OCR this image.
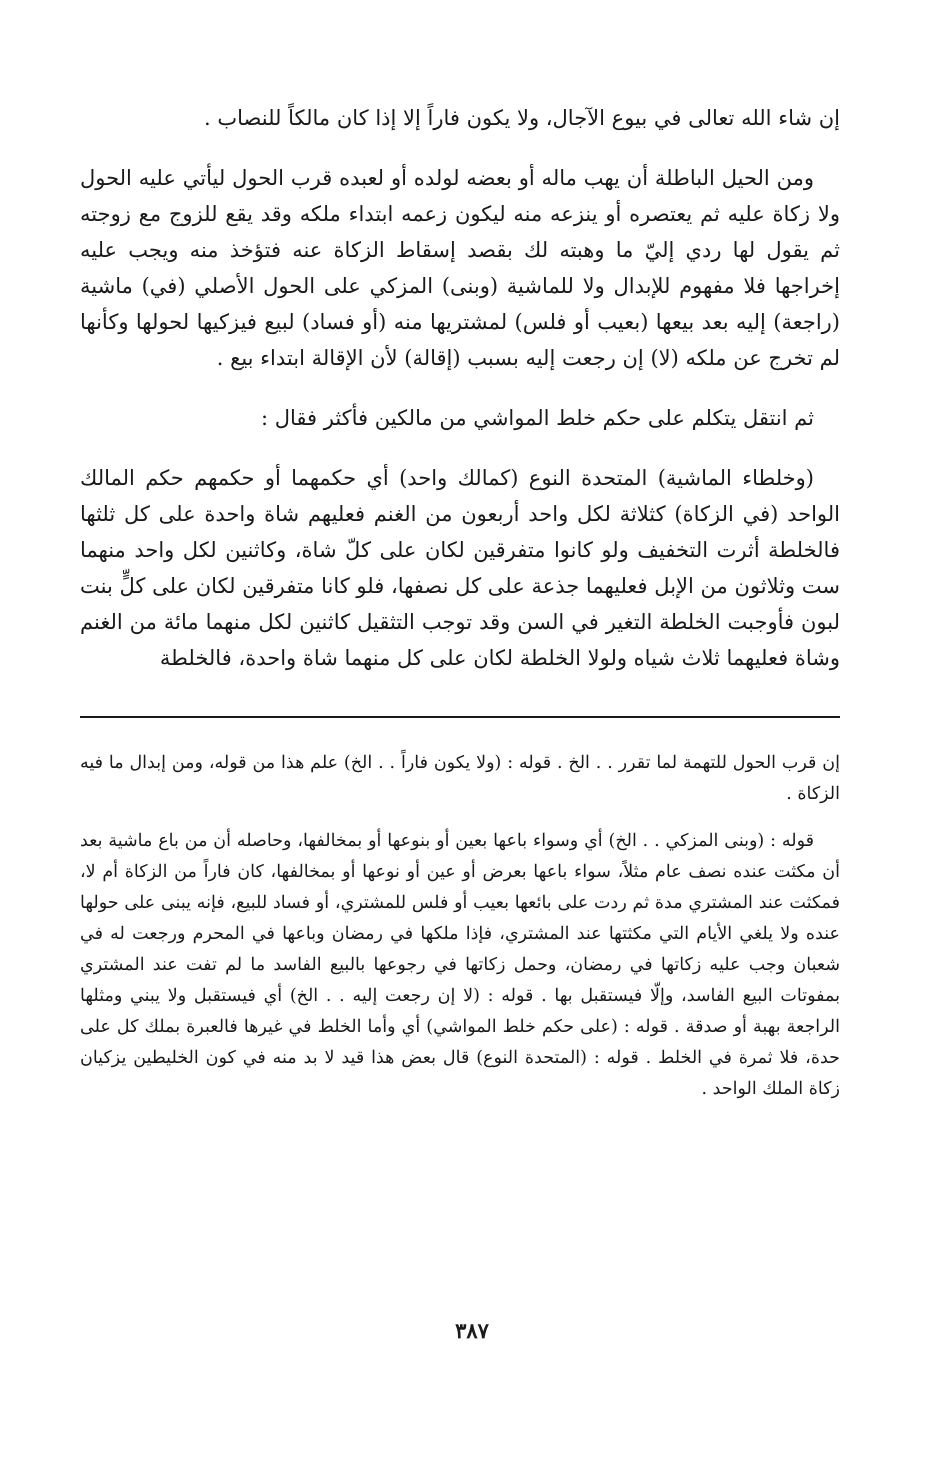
إن شاء الله تعالى في بيوع الآجال، ولا يكون فاراً إلا إذا كان مالكاً للنصاب .

ومن الحيل الباطلة أن يهب ماله أو بعضه لولده أو لعبده قرب الحول ليأتي عليه الحول ولا زكاة عليه ثم يعتصره أو ينزعه منه ليكون زعمه ابتداء ملكه وقد يقع للزوج مع زوجته ثم يقول لها ردي إليّ ما وهبته لك بقصد إسقاط الزكاة عنه فتؤخذ منه ويجب عليه إخراجها فلا مفهوم للإبدال ولا للماشية (وبنى) المزكي على الحول الأصلي (في) ماشية (راجعة) إليه بعد بيعها (بعيب أو فلس) لمشتريها منه (أو فساد) لبيع فيزكيها لحولها وكأنها لم تخرج عن ملكه (لا) إن رجعت إليه بسبب (إقالة) لأن الإقالة ابتداء بيع .

ثم انتقل يتكلم على حكم خلط المواشي من مالكين فأكثر فقال :

(وخلطاء الماشية) المتحدة النوع (كمالك واحد) أي حكمهما أو حكمهم حكم المالك الواحد (في الزكاة) كثلاثة لكل واحد أربعون من الغنم فعليهم شاة واحدة على كل ثلثها فالخلطة أثرت التخفيف ولو كانوا متفرقين لكان على كلّ شاة، وكاثنين لكل واحد منهما ست وثلاثون من الإبل فعليهما جذعة على كل نصفها، فلو كانا متفرقين لكان على كلٍّ بنت لبون فأوجبت الخلطة التغير في السن وقد توجب التثقيل كاثنين لكل منهما مائة من الغنم وشاة فعليهما ثلاث شياه ولولا الخلطة لكان على كل منهما شاة واحدة، فالخلطة

إن قرب الحول للتهمة لما تقرر . . الخ . قوله : (ولا يكون فاراً . . الخ) علم هذا من قوله، ومن إبدال ما فيه الزكاة .

قوله : (وبنى المزكي . . الخ) أي وسواء باعها بعين أو بنوعها أو بمخالفها، وحاصله أن من باع ماشية بعد أن مكثت عنده نصف عام مثلاً، سواء باعها بعرض أو عين أو نوعها أو بمخالفها، كان فاراً من الزكاة أم لا، فمكثت عند المشتري مدة ثم ردت على بائعها بعيب أو فلس للمشتري، أو فساد للبيع، فإنه يبنى على حولها عنده ولا يلغي الأيام التي مكثتها عند المشتري، فإذا ملكها في رمضان وباعها في المحرم ورجعت له في شعبان وجب عليه زكاتها في رمضان، وحمل زكاتها في رجوعها بالبيع الفاسد ما لم تفت عند المشتري بمفوتات البيع الفاسد، وإلّا فيستقبل بها . قوله : (لا إن رجعت إليه . . الخ) أي فيستقبل ولا يبني ومثلها الراجعة بهبة أو صدقة . قوله : (على حكم خلط المواشي) أي وأما الخلط في غيرها فالعبرة بملك كل على حدة، فلا ثمرة في الخلط . قوله : (المتحدة النوع) قال بعض هذا قيد لا بد منه في كون الخليطين يزكيان زكاة الملك الواحد .

٣٨٧
